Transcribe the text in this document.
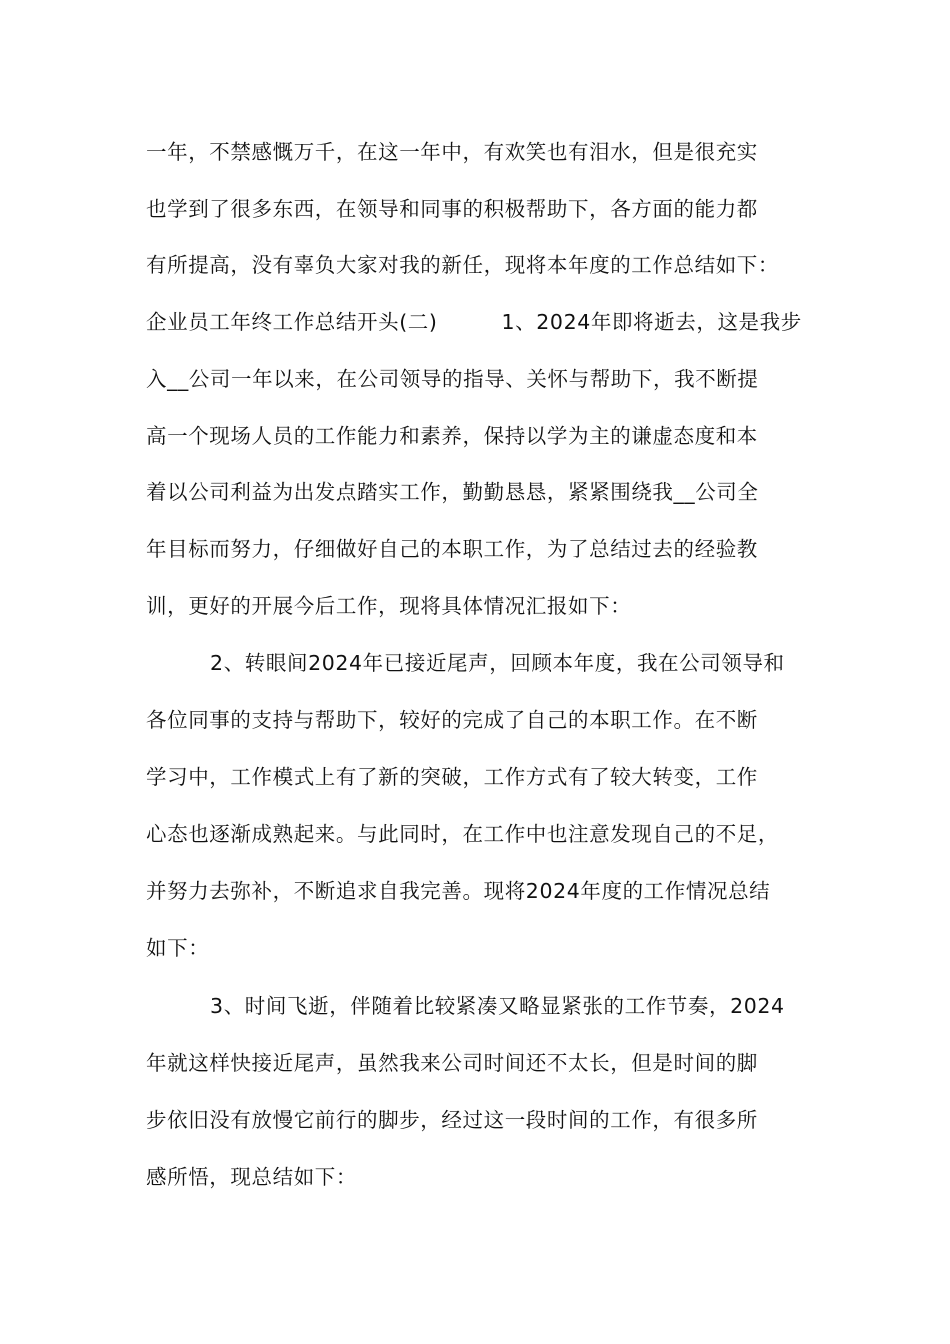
一年，不禁感慨万千，在这一年中，有欢笑也有泪水，但是很充实
也学到了很多东西，在领导和同事的积极帮助下，各方面的能力都
有所提高，没有辜负大家对我的新任，现将本年度的工作总结如下：
企业员工年终工作总结开头(二)         1、2024年即将逝去，这是我步
入__公司一年以来，在公司领导的指导、关怀与帮助下，我不断提
高一个现场人员的工作能力和素养，保持以学为主的谦虚态度和本
着以公司利益为出发点踏实工作，勤勤恳恳，紧紧围绕我__公司全
年目标而努力，仔细做好自己的本职工作，为了总结过去的经验教
训，更好的开展今后工作，现将具体情况汇报如下：
2、转眼间2024年已接近尾声，回顾本年度，我在公司领导和
各位同事的支持与帮助下，较好的完成了自己的本职工作。在不断
学习中，工作模式上有了新的突破，工作方式有了较大转变，工作
心态也逐渐成熟起来。与此同时，在工作中也注意发现自己的不足，
并努力去弥补，不断追求自我完善。现将2024年度的工作情况总结
如下：
3、时间飞逝，伴随着比较紧凑又略显紧张的工作节奏，2024
年就这样快接近尾声，虽然我来公司时间还不太长，但是时间的脚
步依旧没有放慢它前行的脚步，经过这一段时间的工作，有很多所
感所悟，现总结如下：
